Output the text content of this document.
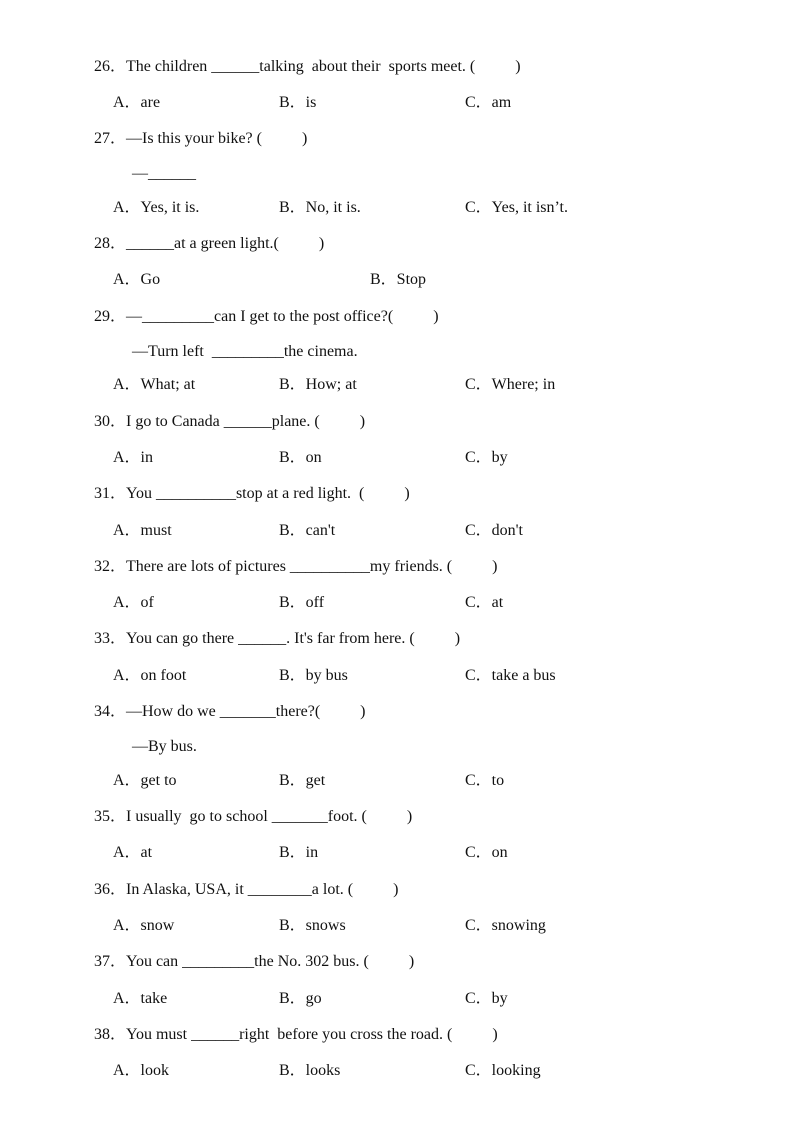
26．The children ______talking  about their  sports meet. (          )
A．are	B．is	C．am
27．—Is this your bike? (          )
—______
A．Yes, it is.	B．No, it is.	C．Yes, it isn’t.
28．______at a green light.(          )
A．Go	B．Stop
29．—_________can I get to the post office?(          )
—Turn left  _________the cinema.
A．What; at	B．How; at	C．Where; in
30．I go to Canada ______plane. (          )
A．in	B．on	C．by
31．You __________stop at a red light.  (          )
A．must	B．can't	C．don't
32．There are lots of pictures __________my friends. (          )
A．of	B．off	C．at
33．You can go there ______. It's far from here. (          )
A．on foot	B．by bus	C．take a bus
34．—How do we _______there?(          )
—By bus.
A．get to	B．get	C．to
35．I usually  go to school _______foot. (          )
A．at	B．in	C．on
36．In Alaska, USA, it ________a lot. (          )
A．snow	B．snows	C．snowing
37．You can _________the No. 302 bus. (          )
A．take	B．go	C．by
38．You must ______right  before you cross the road. (          )
A．look	B．looks	C．looking
